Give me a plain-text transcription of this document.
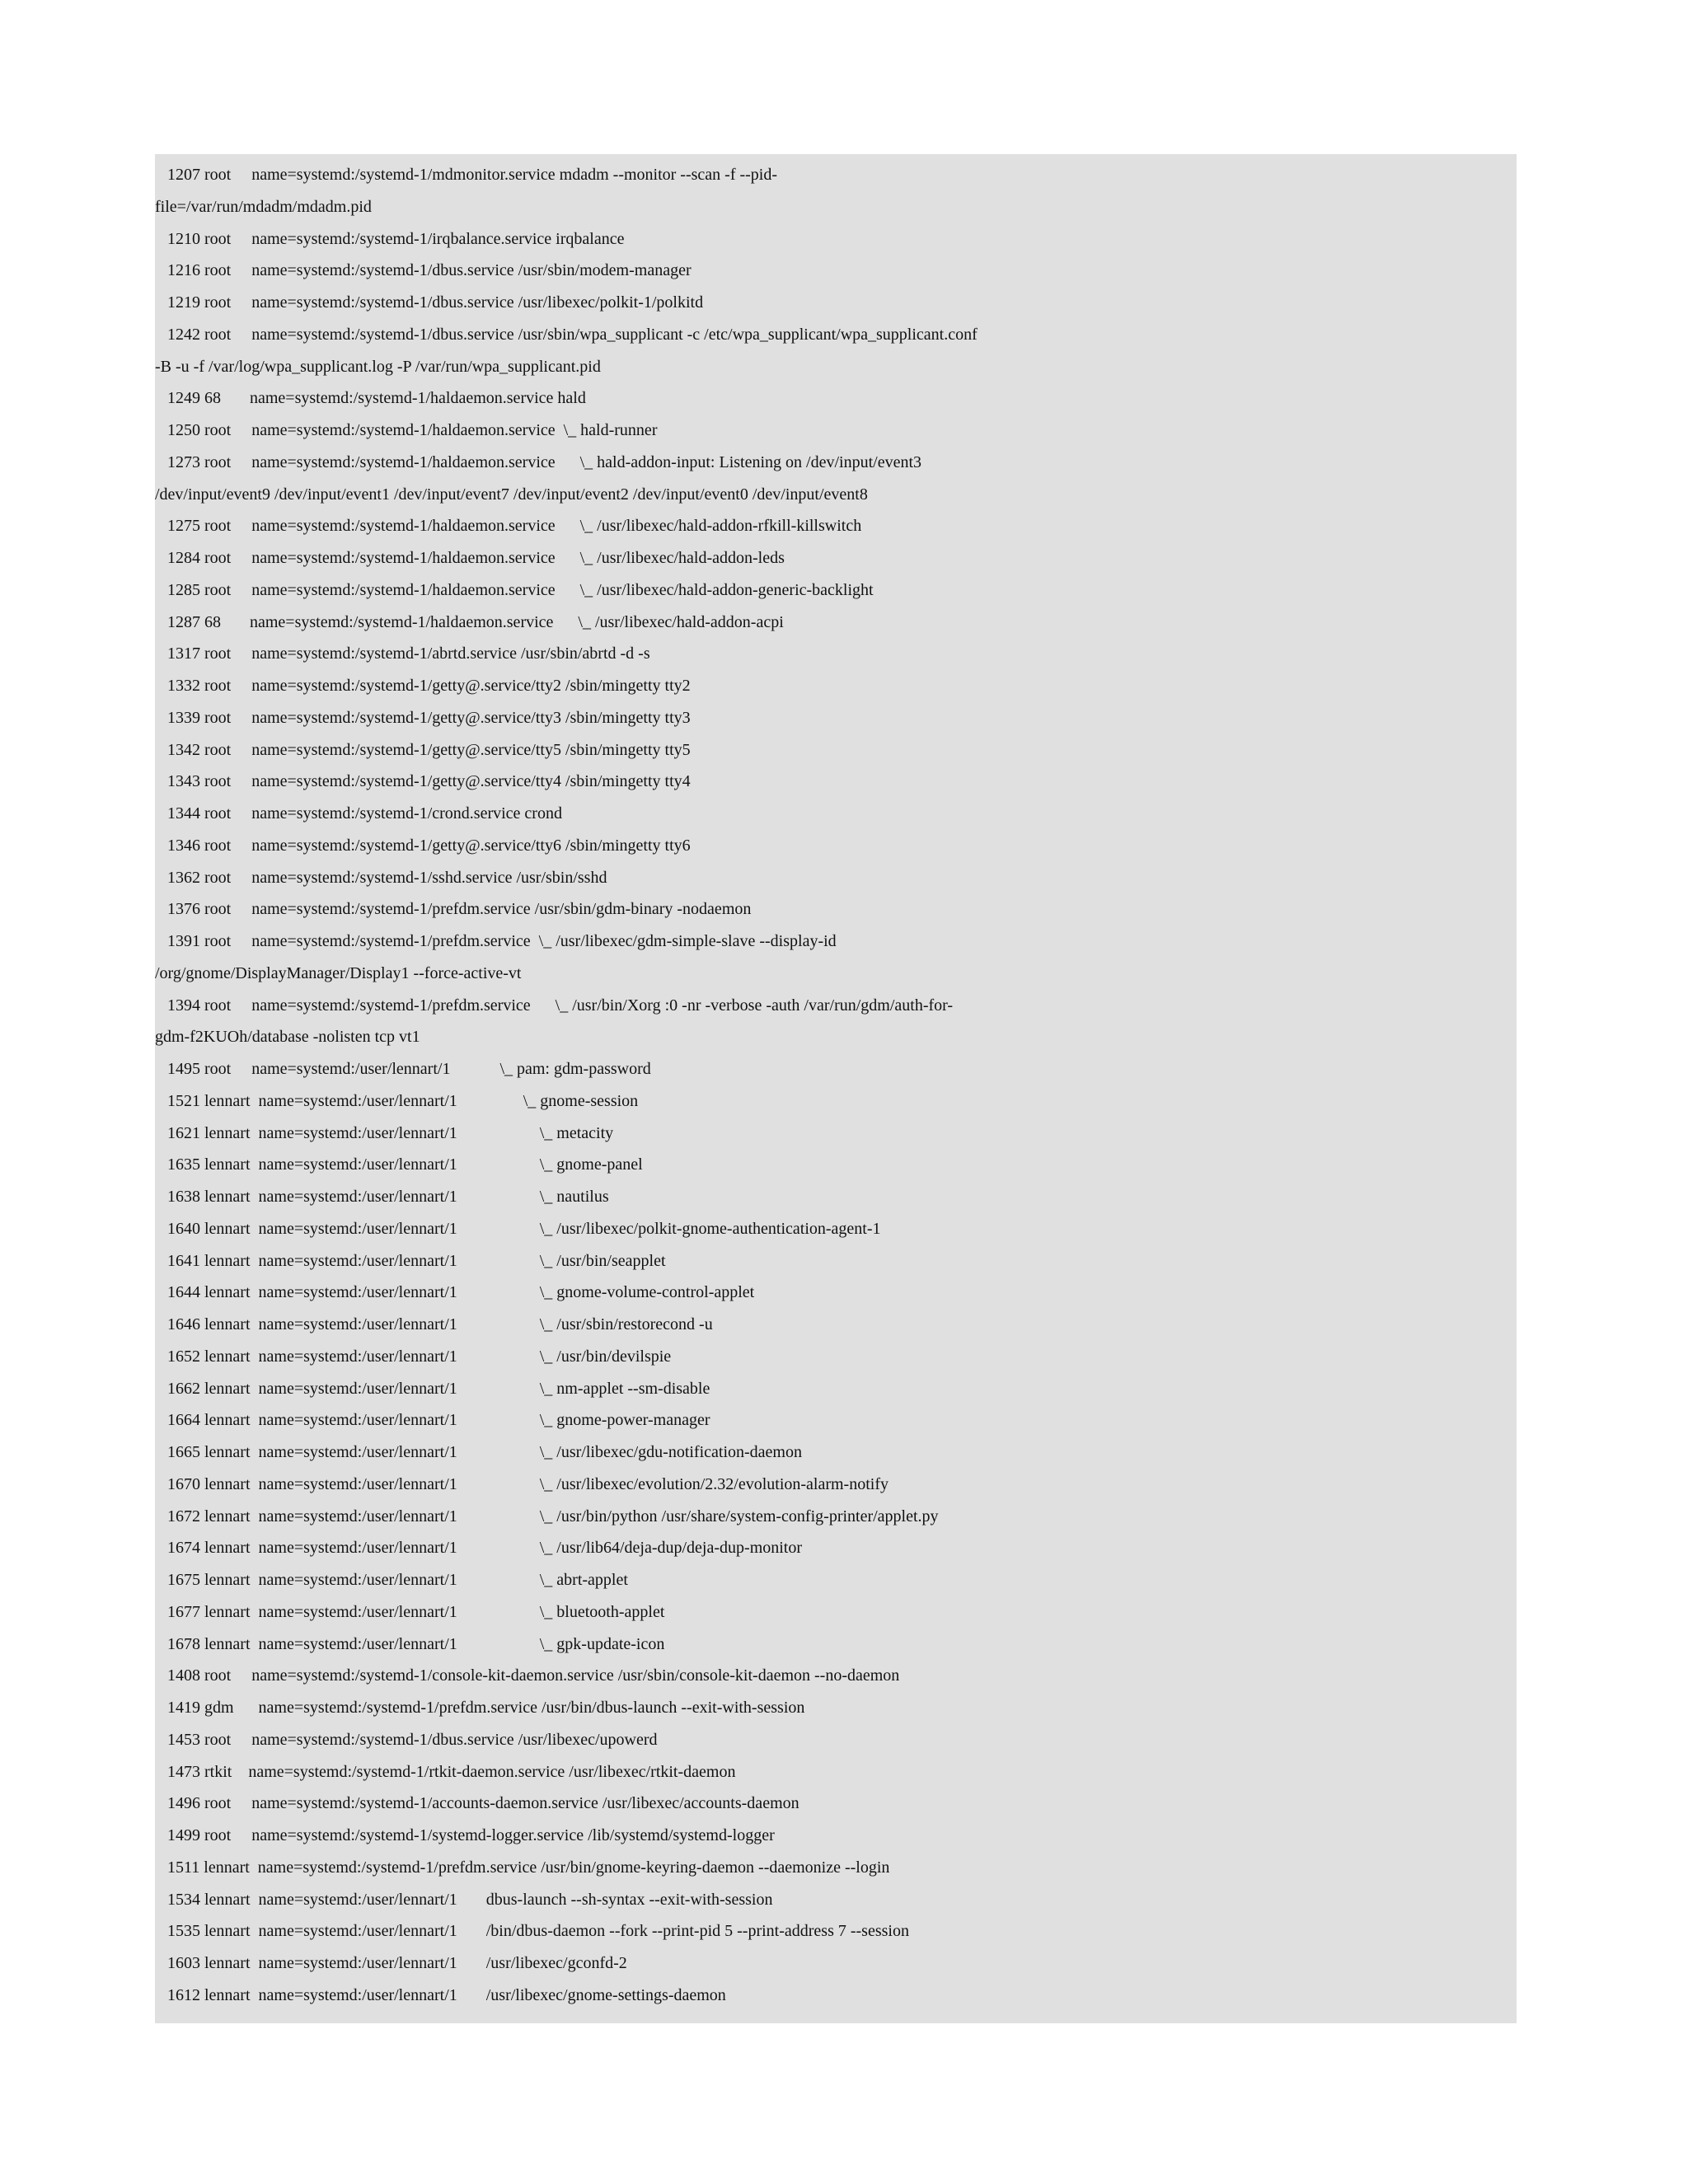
1207 root     name=systemd:/systemd-1/mdmonitor.service mdadm --monitor --scan -f --pid-
file=/var/run/mdadm/mdadm.pid
1210 root     name=systemd:/systemd-1/irqbalance.service irqbalance
1216 root     name=systemd:/systemd-1/dbus.service /usr/sbin/modem-manager
1219 root     name=systemd:/systemd-1/dbus.service /usr/libexec/polkit-1/polkitd
1242 root     name=systemd:/systemd-1/dbus.service /usr/sbin/wpa_supplicant -c /etc/wpa_supplicant/wpa_supplicant.conf
-B -u -f /var/log/wpa_supplicant.log -P /var/run/wpa_supplicant.pid
1249 68       name=systemd:/systemd-1/haldaemon.service hald
1250 root     name=systemd:/systemd-1/haldaemon.service  \_ hald-runner
1273 root     name=systemd:/systemd-1/haldaemon.service      \_ hald-addon-input: Listening on /dev/input/event3
/dev/input/event9 /dev/input/event1 /dev/input/event7 /dev/input/event2 /dev/input/event0 /dev/input/event8
1275 root     name=systemd:/systemd-1/haldaemon.service      \_ /usr/libexec/hald-addon-rfkill-killswitch
1284 root     name=systemd:/systemd-1/haldaemon.service      \_ /usr/libexec/hald-addon-leds
1285 root     name=systemd:/systemd-1/haldaemon.service      \_ /usr/libexec/hald-addon-generic-backlight
1287 68       name=systemd:/systemd-1/haldaemon.service      \_ /usr/libexec/hald-addon-acpi
1317 root     name=systemd:/systemd-1/abrtd.service /usr/sbin/abrtd -d -s
1332 root     name=systemd:/systemd-1/getty@.service/tty2 /sbin/mingetty tty2
1339 root     name=systemd:/systemd-1/getty@.service/tty3 /sbin/mingetty tty3
1342 root     name=systemd:/systemd-1/getty@.service/tty5 /sbin/mingetty tty5
1343 root     name=systemd:/systemd-1/getty@.service/tty4 /sbin/mingetty tty4
1344 root     name=systemd:/systemd-1/crond.service crond
1346 root     name=systemd:/systemd-1/getty@.service/tty6 /sbin/mingetty tty6
1362 root     name=systemd:/systemd-1/sshd.service /usr/sbin/sshd
1376 root     name=systemd:/systemd-1/prefdm.service /usr/sbin/gdm-binary -nodaemon
1391 root     name=systemd:/systemd-1/prefdm.service  \_ /usr/libexec/gdm-simple-slave --display-id
/org/gnome/DisplayManager/Display1 --force-active-vt
1394 root     name=systemd:/systemd-1/prefdm.service      \_ /usr/bin/Xorg :0 -nr -verbose -auth /var/run/gdm/auth-for-
gdm-f2KUOh/database -nolisten tcp vt1
1495 root     name=systemd:/user/lennart/1            \_ pam: gdm-password
1521 lennart  name=systemd:/user/lennart/1                \_ gnome-session
1621 lennart  name=systemd:/user/lennart/1                    \_ metacity
1635 lennart  name=systemd:/user/lennart/1                    \_ gnome-panel
1638 lennart  name=systemd:/user/lennart/1                    \_ nautilus
1640 lennart  name=systemd:/user/lennart/1                    \_ /usr/libexec/polkit-gnome-authentication-agent-1
1641 lennart  name=systemd:/user/lennart/1                    \_ /usr/bin/seapplet
1644 lennart  name=systemd:/user/lennart/1                    \_ gnome-volume-control-applet
1646 lennart  name=systemd:/user/lennart/1                    \_ /usr/sbin/restorecond -u
1652 lennart  name=systemd:/user/lennart/1                    \_ /usr/bin/devilspie
1662 lennart  name=systemd:/user/lennart/1                    \_ nm-applet --sm-disable
1664 lennart  name=systemd:/user/lennart/1                    \_ gnome-power-manager
1665 lennart  name=systemd:/user/lennart/1                    \_ /usr/libexec/gdu-notification-daemon
1670 lennart  name=systemd:/user/lennart/1                    \_ /usr/libexec/evolution/2.32/evolution-alarm-notify
1672 lennart  name=systemd:/user/lennart/1                    \_ /usr/bin/python /usr/share/system-config-printer/applet.py
1674 lennart  name=systemd:/user/lennart/1                    \_ /usr/lib64/deja-dup/deja-dup-monitor
1675 lennart  name=systemd:/user/lennart/1                    \_ abrt-applet
1677 lennart  name=systemd:/user/lennart/1                    \_ bluetooth-applet
1678 lennart  name=systemd:/user/lennart/1                    \_ gpk-update-icon
1408 root     name=systemd:/systemd-1/console-kit-daemon.service /usr/sbin/console-kit-daemon --no-daemon
1419 gdm      name=systemd:/systemd-1/prefdm.service /usr/bin/dbus-launch --exit-with-session
1453 root     name=systemd:/systemd-1/dbus.service /usr/libexec/upowerd
1473 rtkit    name=systemd:/systemd-1/rtkit-daemon.service /usr/libexec/rtkit-daemon
1496 root     name=systemd:/systemd-1/accounts-daemon.service /usr/libexec/accounts-daemon
1499 root     name=systemd:/systemd-1/systemd-logger.service /lib/systemd/systemd-logger
1511 lennart  name=systemd:/systemd-1/prefdm.service /usr/bin/gnome-keyring-daemon --daemonize --login
1534 lennart  name=systemd:/user/lennart/1       dbus-launch --sh-syntax --exit-with-session
1535 lennart  name=systemd:/user/lennart/1       /bin/dbus-daemon --fork --print-pid 5 --print-address 7 --session
1603 lennart  name=systemd:/user/lennart/1       /usr/libexec/gconfd-2
1612 lennart  name=systemd:/user/lennart/1       /usr/libexec/gnome-settings-daemon
